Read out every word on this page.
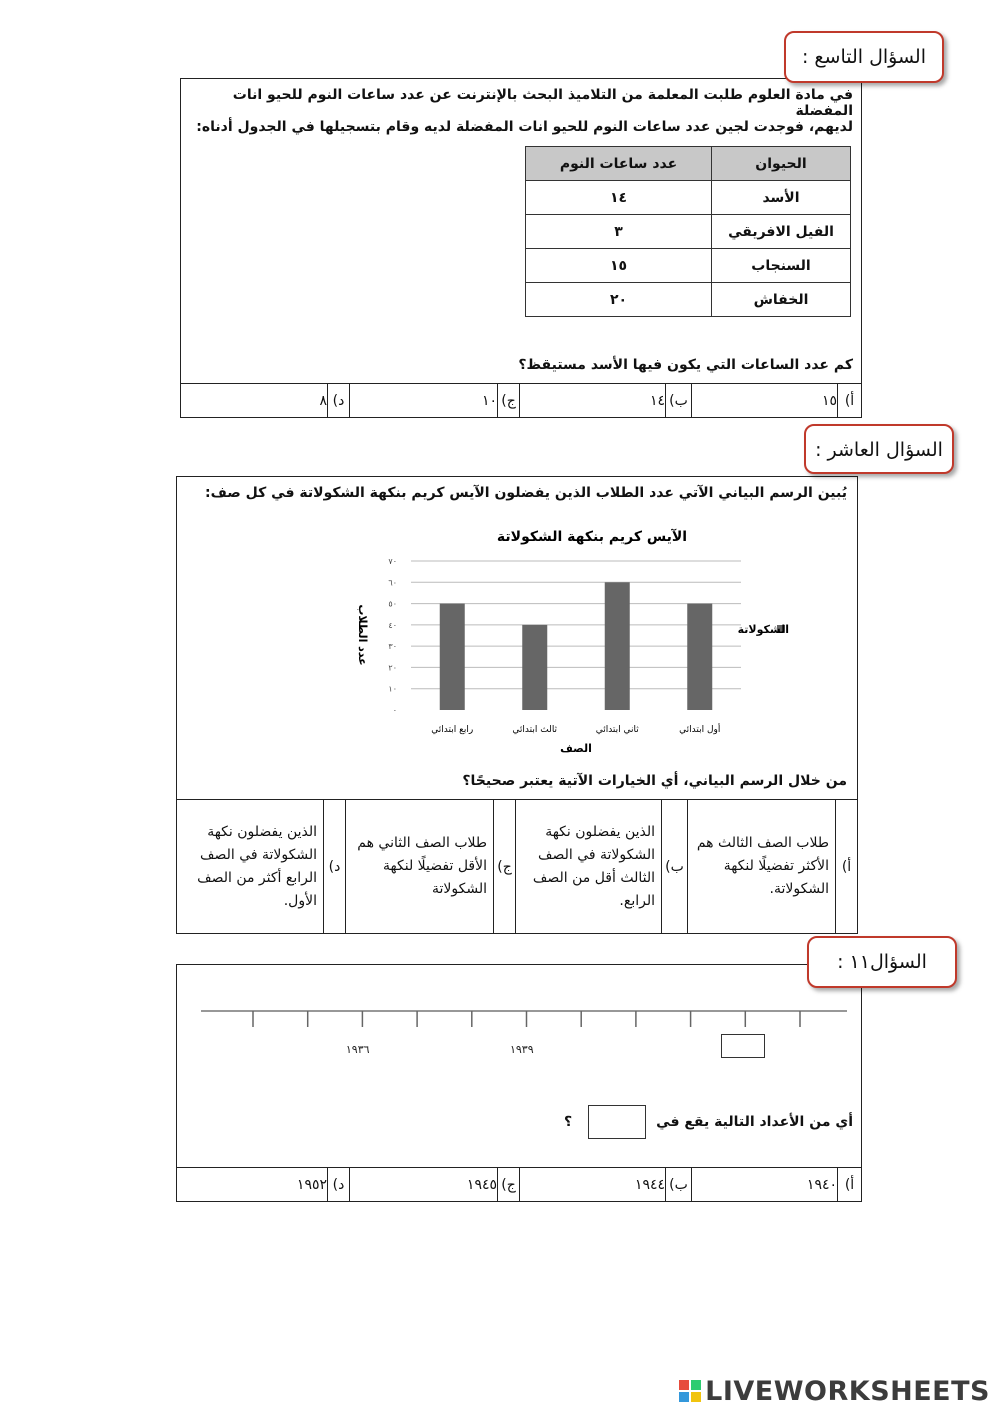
السؤال التاسع :
في مادة العلوم طلبت المعلمة من التلاميذ البحث بالإنترنت عن عدد ساعات النوم للحيو انات المفضلة
لديهم، فوجدت لجين عدد ساعات النوم للحيو انات المفضلة لديه وقام بتسجيلها في الجدول أدناه:
الحيوان	عدد ساعات النوم
الأسد	١٤
الفيل الافريقي	٣
السنجاب	١٥
الخفاش	٢٠
كم عدد الساعات التي يكون فيها الأسد مستيقظ؟
أ)
١٥
ب)
١٤
ج)
١٠
د)
٨
السؤال العاشر :
يُبين الرسم البياني الآتي عدد الطلاب الذين يفضلون الآيس كريم بنكهة الشكولاتة في كل صف:
الآيس كريم بنكهة الشكولاتة
٠
١٠
٢٠
٣٠
٤٠
٥٠
٦٠
٧٠
أول ابتدائي
ثاني ابتدائي
ثالث ابتدائي
رابع ابتدائي
الصف
عدد الطلاب	الشكولاتة
من خلال الرسم البياني، أي الخيارات الآتية يعتبر صحيحًا؟
أ)
طلاب الصف الثالث هم الأكثر تفضيلًا لنكهة الشكولاتة.
ب)
الذين يفضلون نكهة الشكولاتة في الصف الثالث أقل من الصف الرابع.
ج)
طلاب الصف الثاني هم الأقل تفضيلًا لنكهة الشكولاتة
د)
الذين يفضلون نكهة الشكولاتة في الصف الرابع أكثر من الصف الأول.
السؤال١١ :
١٩٣٦	١٩٣٩
أي من الأعداد التالية يقع في
؟
أ)
١٩٤٠
ب)
١٩٤٤
ج)
١٩٤٥
د)
١٩٥٢
LIVEWORKSHEETS
